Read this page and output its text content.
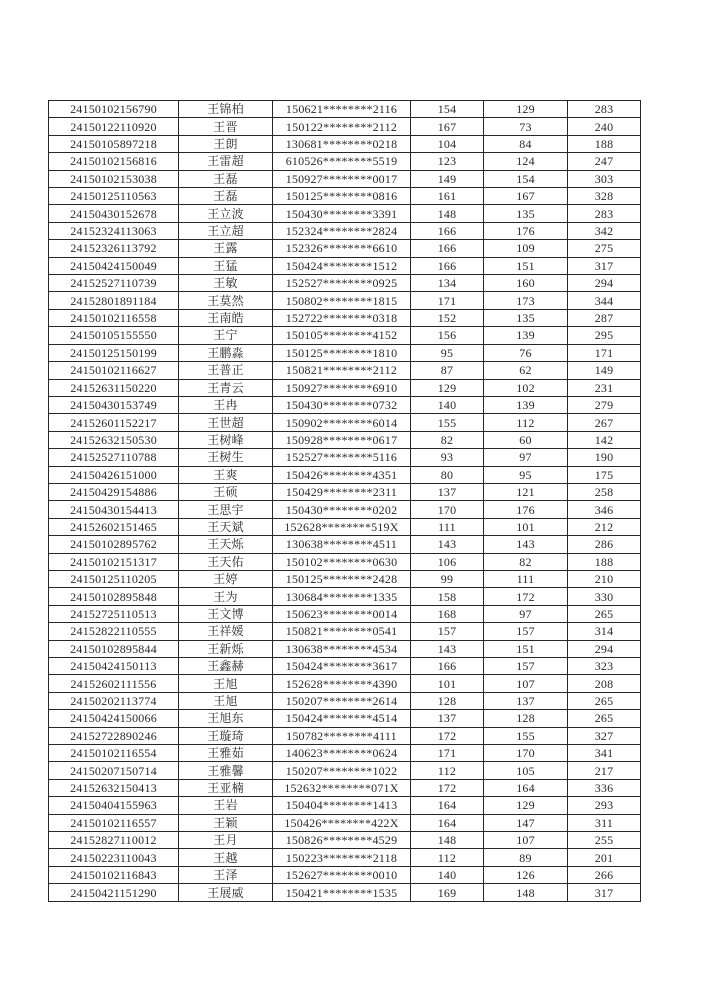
24150102156790	王锦柏	150621********2116	154	129	283
24150122110920	王晋	150122********2112	167	73	240
24150105897218	王朗	130681********0218	104	84	188
24150102156816	王雷超	610526********5519	123	124	247
24150102153038	王磊	150927********0017	149	154	303
24150125110563	王磊	150125********0816	161	167	328
24150430152678	王立波	150430********3391	148	135	283
24152324113063	王立超	152324********2824	166	176	342
24152326113792	王露	152326********6610	166	109	275
24150424150049	王猛	150424********1512	166	151	317
24152527110739	王敏	152527********0925	134	160	294
24152801891184	王莫然	150802********1815	171	173	344
24150102116558	王南皓	152722********0318	152	135	287
24150105155550	王宁	150105********4152	156	139	295
24150125150199	王鹏淼	150125********1810	95	76	171
24150102116627	王普正	150821********2112	87	62	149
24152631150220	王青云	150927********6910	129	102	231
24150430153749	王冉	150430********0732	140	139	279
24152601152217	王世超	150902********6014	155	112	267
24152632150530	王树峰	150928********0617	82	60	142
24152527110788	王树生	152527********5116	93	97	190
24150426151000	王爽	150426********4351	80	95	175
24150429154886	王硕	150429********2311	137	121	258
24150430154413	王思宇	150430********0202	170	176	346
24152602151465	王天斌	152628********519X	111	101	212
24150102895762	王天烁	130638********4511	143	143	286
24150102151317	王天佑	150102********0630	106	82	188
24150125110205	王婷	150125********2428	99	111	210
24150102895848	王为	130684********1335	158	172	330
24152725110513	王文博	150623********0014	168	97	265
24152822110555	王祥媛	150821********0541	157	157	314
24150102895844	王新烁	130638********4534	143	151	294
24150424150113	王鑫赫	150424********3617	166	157	323
24152602111556	王旭	152628********4390	101	107	208
24150202113774	王旭	150207********2614	128	137	265
24150424150066	王旭东	150424********4514	137	128	265
24152722890246	王璇琦	150782********4111	172	155	327
24150102116554	王雅茹	140623********0624	171	170	341
24150207150714	王雅馨	150207********1022	112	105	217
24152632150413	王亚楠	152632********071X	172	164	336
24150404155963	王岩	150404********1413	164	129	293
24150102116557	王颖	150426********422X	164	147	311
24152827110012	王月	150826********4529	148	107	255
24150223110043	王越	150223********2118	112	89	201
24150102116843	王泽	152627********0010	140	126	266
24150421151290	王展威	150421********1535	169	148	317
